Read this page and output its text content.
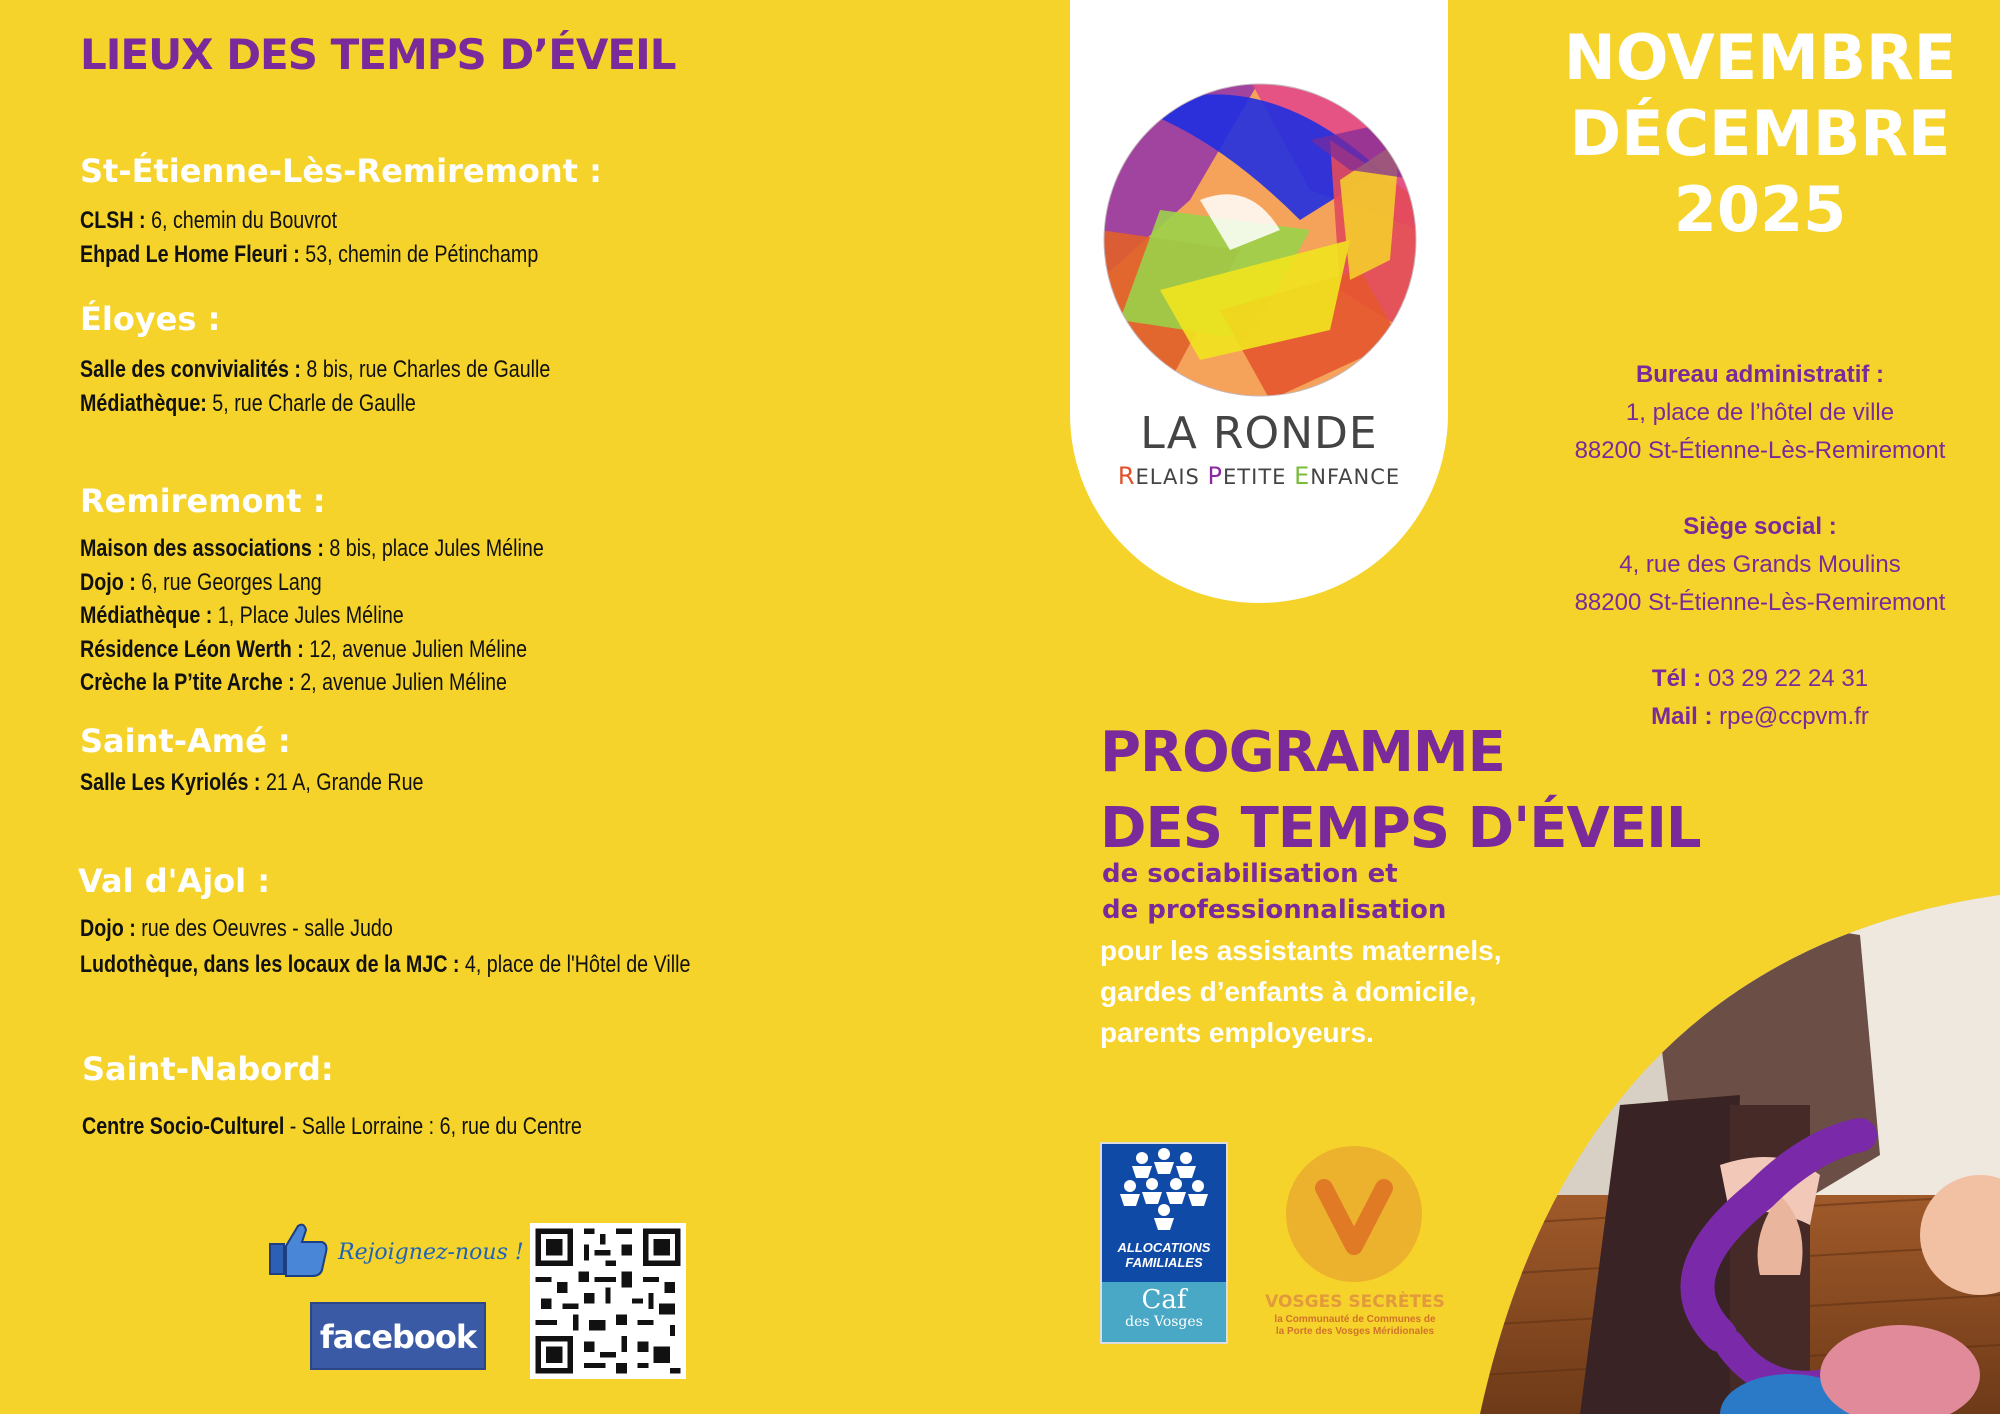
LIEUX DES TEMPS D’ÉVEIL
St-Étienne-Lès-Remiremont :
CLSH : 6, chemin du Bouvrot
Ehpad Le Home Fleuri : 53, chemin de Pétinchamp
Éloyes :
Salle des convivialités : 8 bis, rue Charles de Gaulle
Médiathèque: 5, rue Charle de Gaulle
Remiremont :
Maison des associations : 8 bis, place Jules Méline
Dojo : 6, rue Georges Lang
Médiathèque : 1, Place Jules Méline
Résidence Léon Werth : 12, avenue Julien Méline
Crèche la P’tite Arche : 2, avenue Julien Méline
Saint-Amé :
Salle Les Kyriolés : 21 A, Grande Rue
Val d'Ajol :
Dojo : rue des Oeuvres - salle Judo
Ludothèque, dans les locaux de la MJC : 4, place de l'Hôtel de Ville
Saint-Nabord:
Centre Socio-Culturel - Salle Lorraine : 6, rue du Centre
Rejoignez-nous !
facebook
LA RONDE
RELAIS PETITE ENFANCE
NOVEMBRE
DÉCEMBRE
2025
Bureau administratif :
1, place de l’hôtel de ville
88200 St-Étienne-Lès-Remiremont
Siège social :
4, rue des Grands Moulins
88200 St-Étienne-Lès-Remiremont
Tél : 03 29 22 24 31
Mail : rpe@ccpvm.fr
PROGRAMME
DES TEMPS D'ÉVEIL
de sociabilisation et
de professionnalisation
pour les assistants maternels,
gardes d’enfants à domicile,
parents employeurs.
ALLOCATIONS
FAMILIALES
Caf
des Vosges
VOSGES SECRÈTES
la Communauté de Communes de
la Porte des Vosges Méridionales
